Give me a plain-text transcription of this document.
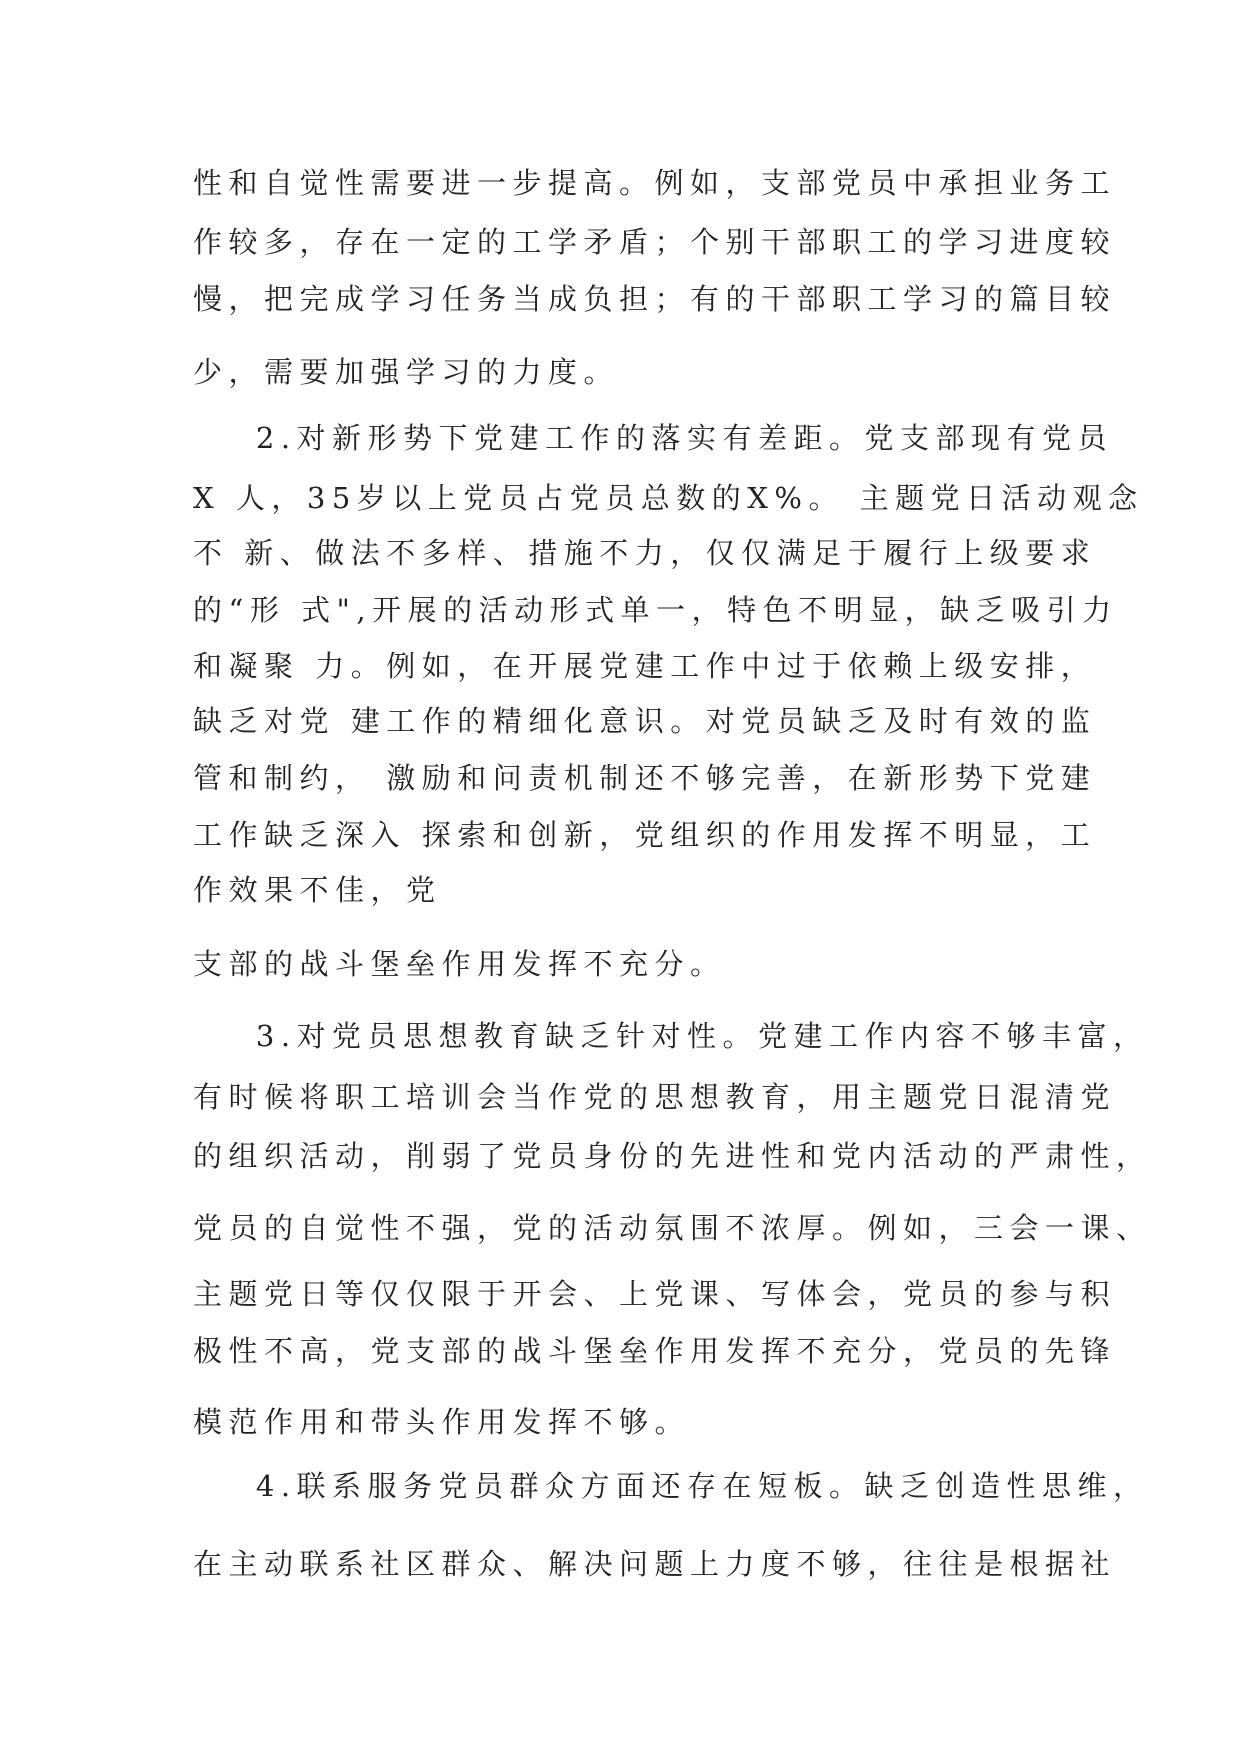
性和自觉性需要进一步提高。例如，支部党员中承担业务工
作较多，存在一定的工学矛盾；个别干部职工的学习进度较
慢，把完成学习任务当成负担；有的干部职工学习的篇目较
少，需要加强学习的力度。
2.对新形势下党建工作的落实有差距。党支部现有党员
X 人，35岁以上党员占党员总数的X%。 主题党日活动观念
不 新、做法不多样、措施不力，仅仅满足于履行上级要求
的“形 式",开展的活动形式单一，特色不明显，缺乏吸引力
和凝聚 力。例如，在开展党建工作中过于依赖上级安排，
缺乏对党 建工作的精细化意识。对党员缺乏及时有效的监
管和制约， 激励和问责机制还不够完善，在新形势下党建
工作缺乏深入 探索和创新，党组织的作用发挥不明显，工
作效果不佳，党
支部的战斗堡垒作用发挥不充分。
3.对党员思想教育缺乏针对性。党建工作内容不够丰富，
有时候将职工培训会当作党的思想教育，用主题党日混清党
的组织活动，削弱了党员身份的先进性和党内活动的严肃性，
党员的自觉性不强，党的活动氛围不浓厚。例如，三会一课、
主题党日等仅仅限于开会、上党课、写体会，党员的参与积
极性不高，党支部的战斗堡垒作用发挥不充分，党员的先锋
模范作用和带头作用发挥不够。
4.联系服务党员群众方面还存在短板。缺乏创造性思维，
在主动联系社区群众、解决问题上力度不够，往往是根据社
